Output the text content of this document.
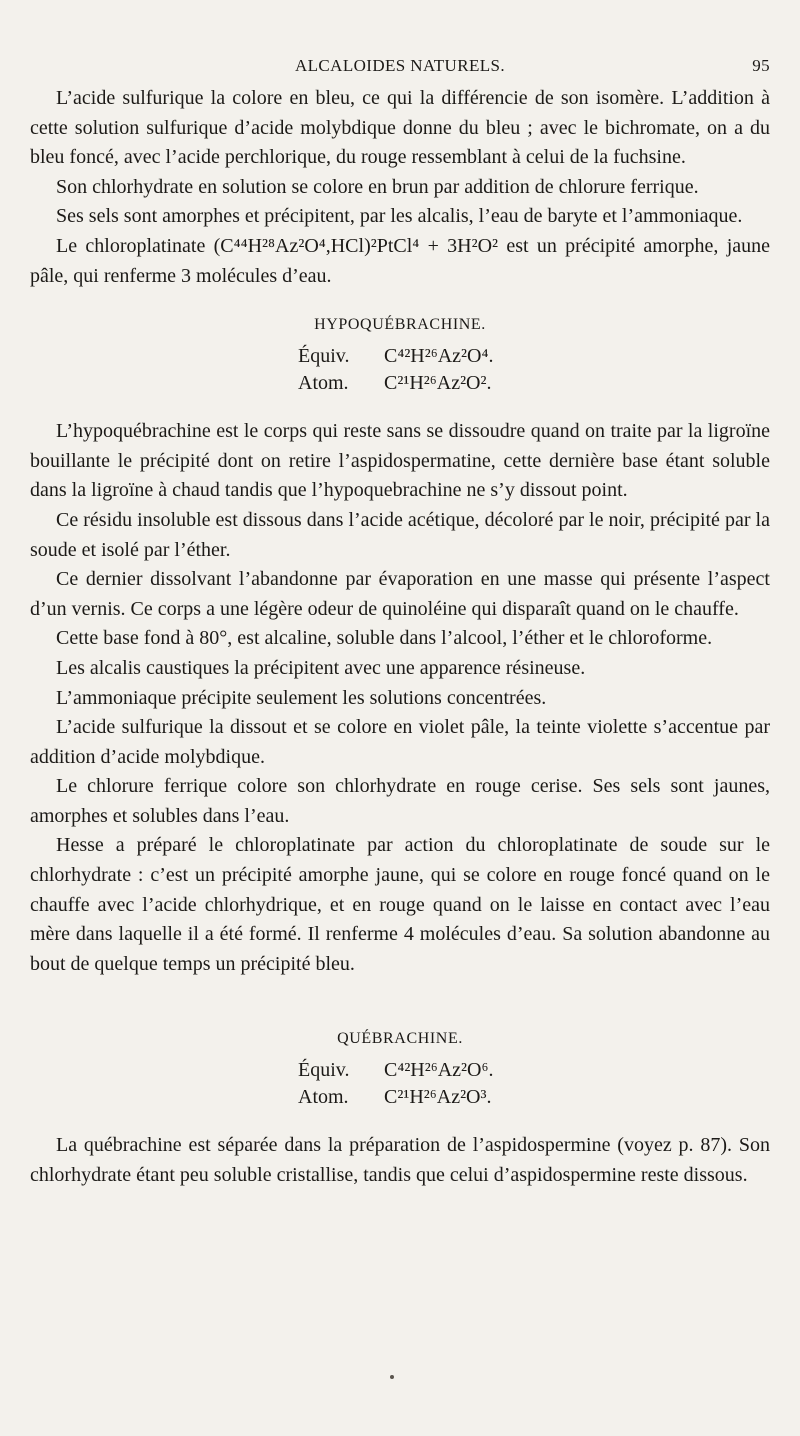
ALCALOIDES NATURELS.	95

L’acide sulfurique la colore en bleu, ce qui la différencie de son isomère. L’addition à cette solution sulfurique d’acide molybdique donne du bleu ; avec le bichromate, on a du bleu foncé, avec l’acide perchlorique, du rouge ressemblant à celui de la fuchsine.

Son chlorhydrate en solution se colore en brun par addition de chlorure ferrique.

Ses sels sont amorphes et précipitent, par les alcalis, l’eau de baryte et l’ammoniaque.

Le chloroplatinate (C⁴⁴H²⁸Az²O⁴,HCl)²PtCl⁴ + 3H²O² est un précipité amorphe, jaune pâle, qui renferme 3 molécules d’eau.

HYPOQUÉBRACHINE.
Équiv. C⁴²H²⁶Az²O⁴.
Atom. C²¹H²⁶Az²O².

L’hypoquébrachine est le corps qui reste sans se dissoudre quand on traite par la ligroïne bouillante le précipité dont on retire l’aspidospermatine, cette dernière base étant soluble dans la ligroïne à chaud tandis que l’hypoquebrachine ne s’y dissout point.

Ce résidu insoluble est dissous dans l’acide acétique, décoloré par le noir, précipité par la soude et isolé par l’éther.

Ce dernier dissolvant l’abandonne par évaporation en une masse qui présente l’aspect d’un vernis. Ce corps a une légère odeur de quinoléine qui disparaît quand on le chauffe.

Cette base fond à 80°, est alcaline, soluble dans l’alcool, l’éther et le chloroforme.

Les alcalis caustiques la précipitent avec une apparence résineuse.

L’ammoniaque précipite seulement les solutions concentrées.

L’acide sulfurique la dissout et se colore en violet pâle, la teinte violette s’accentue par addition d’acide molybdique.

Le chlorure ferrique colore son chlorhydrate en rouge cerise. Ses sels sont jaunes, amorphes et solubles dans l’eau.

Hesse a préparé le chloroplatinate par action du chloroplatinate de soude sur le chlorhydrate : c’est un précipité amorphe jaune, qui se colore en rouge foncé quand on le chauffe avec l’acide chlorhydrique, et en rouge quand on le laisse en contact avec l’eau mère dans laquelle il a été formé. Il renferme 4 molécules d’eau. Sa solution abandonne au bout de quelque temps un précipité bleu.

QUÉBRACHINE.
Équiv. C⁴²H²⁶Az²O⁶.
Atom. C²¹H²⁶Az²O³.

La québrachine est séparée dans la préparation de l’aspidospermine (voyez p. 87). Son chlorhydrate étant peu soluble cristallise, tandis que celui d’aspidospermine reste dissous.
